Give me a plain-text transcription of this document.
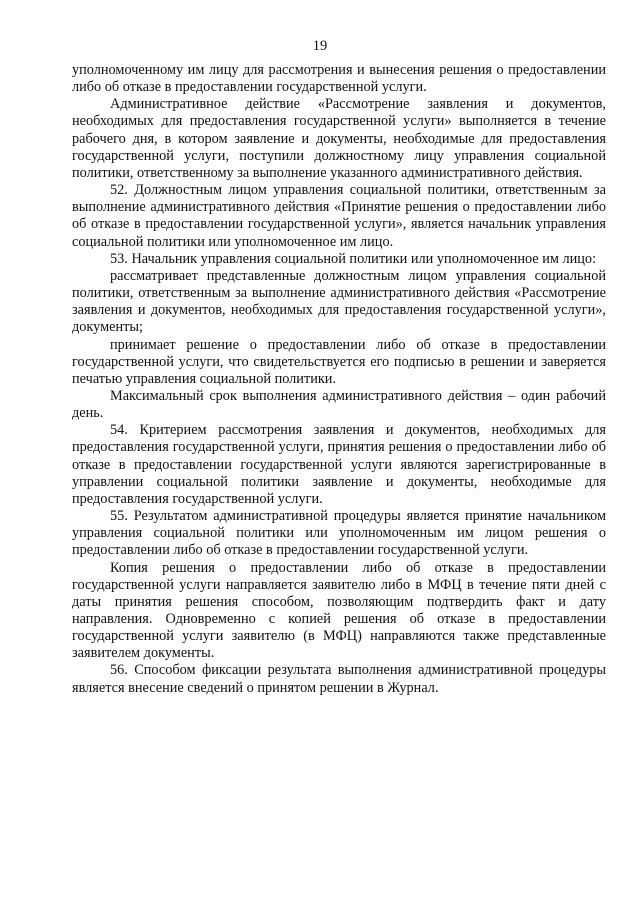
19

уполномоченному им лицу для рассмотрения и вынесения решения о предоставлении либо об отказе в предоставлении государственной услуги.

Административное действие «Рассмотрение заявления и документов, необходимых для предоставления государственной услуги» выполняется в течение рабочего дня, в котором заявление и документы, необходимые для предоставления государственной услуги, поступили должностному лицу управления социальной политики, ответственному за выполнение указанного административного действия.

52. Должностным лицом управления социальной политики, ответственным за выполнение административного действия «Принятие решения о предоставлении либо об отказе в предоставлении государственной услуги», является начальник управления социальной политики или уполномоченное им лицо.

53. Начальник управления социальной политики или уполномоченное им лицо:

рассматривает представленные должностным лицом управления социальной политики, ответственным за выполнение административного действия «Рассмотрение заявления и документов, необходимых для предоставления государственной услуги», документы;

принимает решение о предоставлении либо об отказе в предоставлении государственной услуги, что свидетельствуется его подписью в решении и заверяется печатью управления социальной политики.

Максимальный срок выполнения административного действия – один рабочий день.

54. Критерием рассмотрения заявления и документов, необходимых для предоставления государственной услуги, принятия решения о предоставлении либо об отказе в предоставлении государственной услуги являются зарегистрированные в управлении социальной политики заявление и документы, необходимые для предоставления государственной услуги.

55. Результатом административной процедуры является принятие начальником управления социальной политики или уполномоченным им лицом решения о предоставлении либо об отказе в предоставлении государственной услуги.

Копия решения о предоставлении либо об отказе в предоставлении государственной услуги направляется заявителю либо в МФЦ в течение пяти дней с даты принятия решения способом, позволяющим подтвердить факт и дату направления. Одновременно с копией решения об отказе в предоставлении государственной услуги заявителю (в МФЦ) направляются также представленные заявителем документы.

56. Способом фиксации результата выполнения административной процедуры является внесение сведений о принятом решении в Журнал.
